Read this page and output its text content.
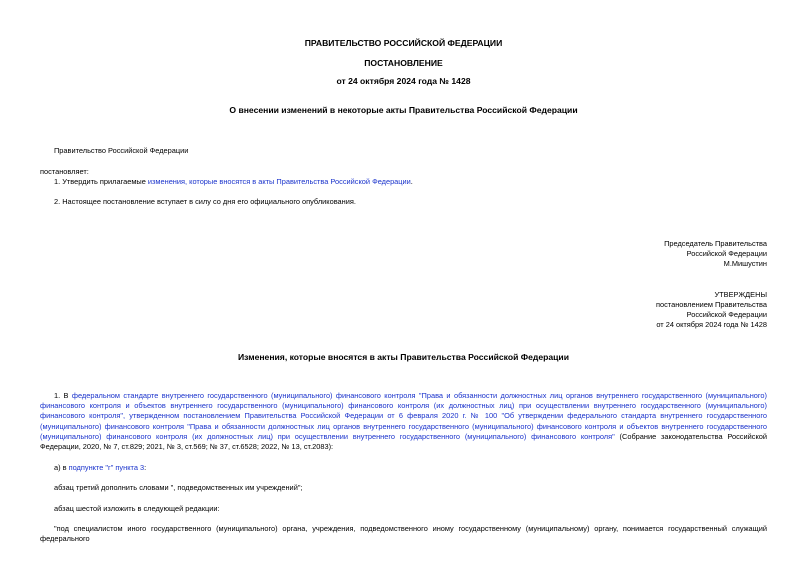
ПРАВИТЕЛЬСТВО РОССИЙСКОЙ ФЕДЕРАЦИИ
ПОСТАНОВЛЕНИЕ
от 24 октября 2024 года № 1428
О внесении изменений в некоторые акты Правительства Российской Федерации
Правительство Российской Федерации
постановляет:
1. Утвердить прилагаемые изменения, которые вносятся в акты Правительства Российской Федерации.
2. Настоящее постановление вступает в силу со дня его официального опубликования.
Председатель Правительства
Российской Федерации
М.Мишустин
УТВЕРЖДЕНЫ
постановлением Правительства
Российской Федерации
от 24 октября 2024 года № 1428
Изменения, которые вносятся в акты Правительства Российской Федерации
1. В федеральном стандарте внутреннего государственного (муниципального) финансового контроля "Права и обязанности должностных лиц органов внутреннего государственного (муниципального) финансового контроля и объектов внутреннего государственного (муниципального) финансового контроля (их должностных лиц) при осуществлении внутреннего государственного (муниципального) финансового контроля", утвержденном постановлением Правительства Российской Федерации от 6 февраля 2020 г. № 100 "Об утверждении федерального стандарта внутреннего государственного (муниципального) финансового контроля "Права и обязанности должностных лиц органов внутреннего государственного (муниципального) финансового контроля и объектов внутреннего государственного (муниципального) финансового контроля (их должностных лиц) при осуществлении внутреннего государственного (муниципального) финансового контроля" (Собрание законодательства Российской Федерации, 2020, № 7, ст.829; 2021, № 3, ст.569; № 37, ст.6528; 2022, № 13, ст.2083):
а) в подпункте "г" пункта 3:
абзац третий дополнить словами ", подведомственных им учреждений";
абзац шестой изложить в следующей редакции:
"под специалистом иного государственного (муниципального) органа, учреждения, подведомственного иному государственному (муниципальному) органу, понимается государственный служащий федерального
